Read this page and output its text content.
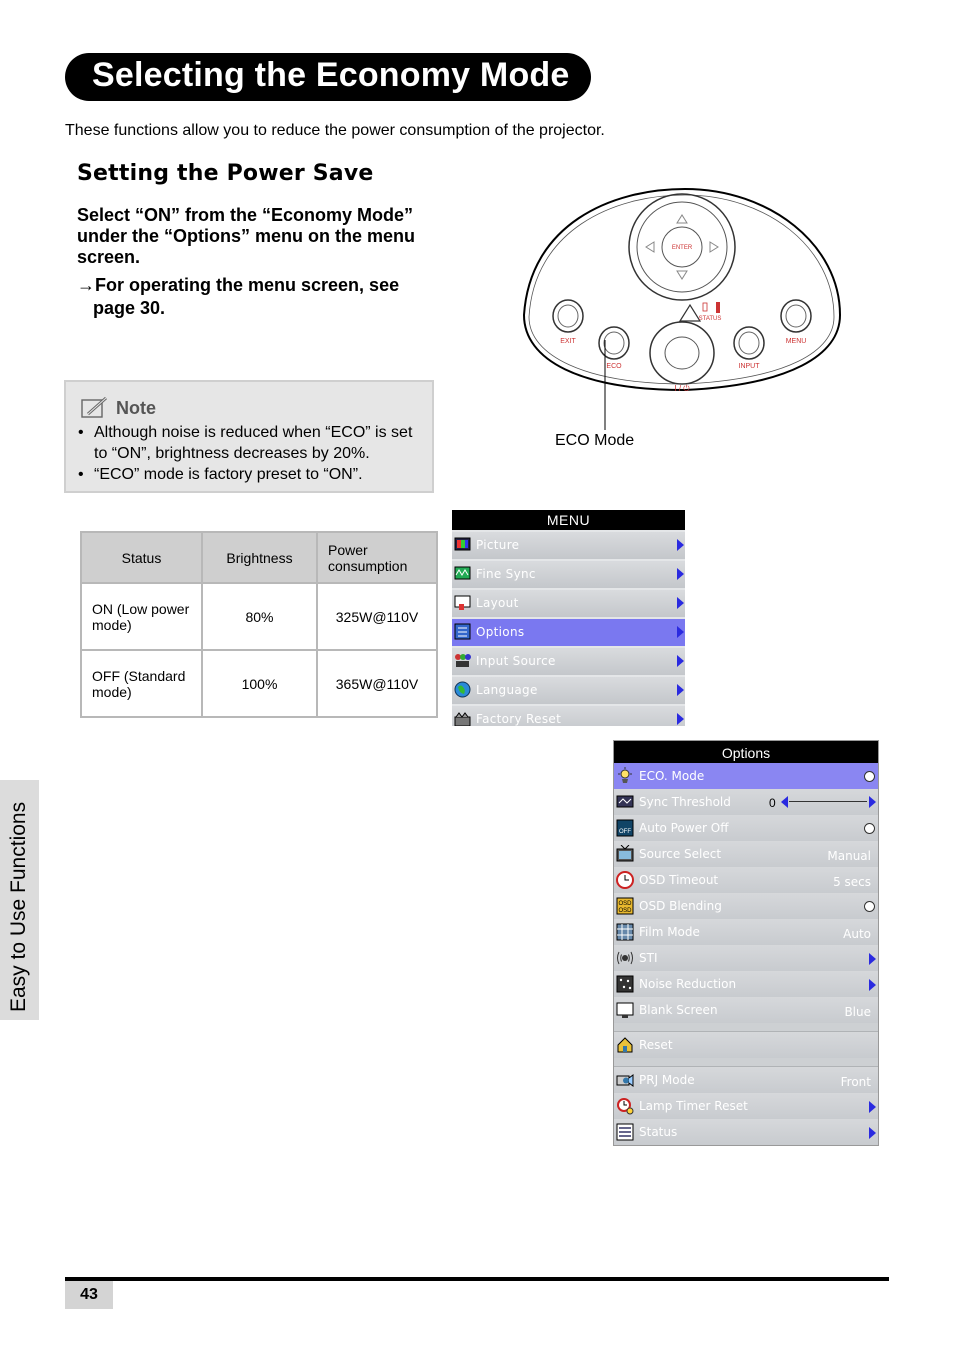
Selecting the Economy Mode
These functions allow you to reduce the power consumption of the projector.
Setting the Power Save
Select “ON” from the “Economy Mode” under the “Options” menu on the menu screen.
→For operating the menu screen, see
page 30.
Note
• Although noise is reduced when “ECO” is set to “ON”, brightness decreases by 20%.
• “ECO” mode is factory preset to “ON”.
ENTER
EXIT	MENU
ECO	INPUT
I / ⏻
STATUS
ECO Mode
Status	Brightness	Power consumption
ON (Low power mode)	80%	325W@110V
OFF (Standard mode)	100%	365W@110V
MENU
Picture
Fine Sync
Layout
Options
Input Source
Language
Factory Reset
Options
ECO. Mode
Sync Threshold	0
OFF Auto Power Off
Source Select	Manual
OSD Timeout	5 secs
OSD
OSD OSD Blending
Film Mode	Auto
STI
Noise Reduction
Blank Screen	Blue
Reset
PRJ Mode	Front
Lamp Timer Reset
Status
Easy to Use Functions
43
